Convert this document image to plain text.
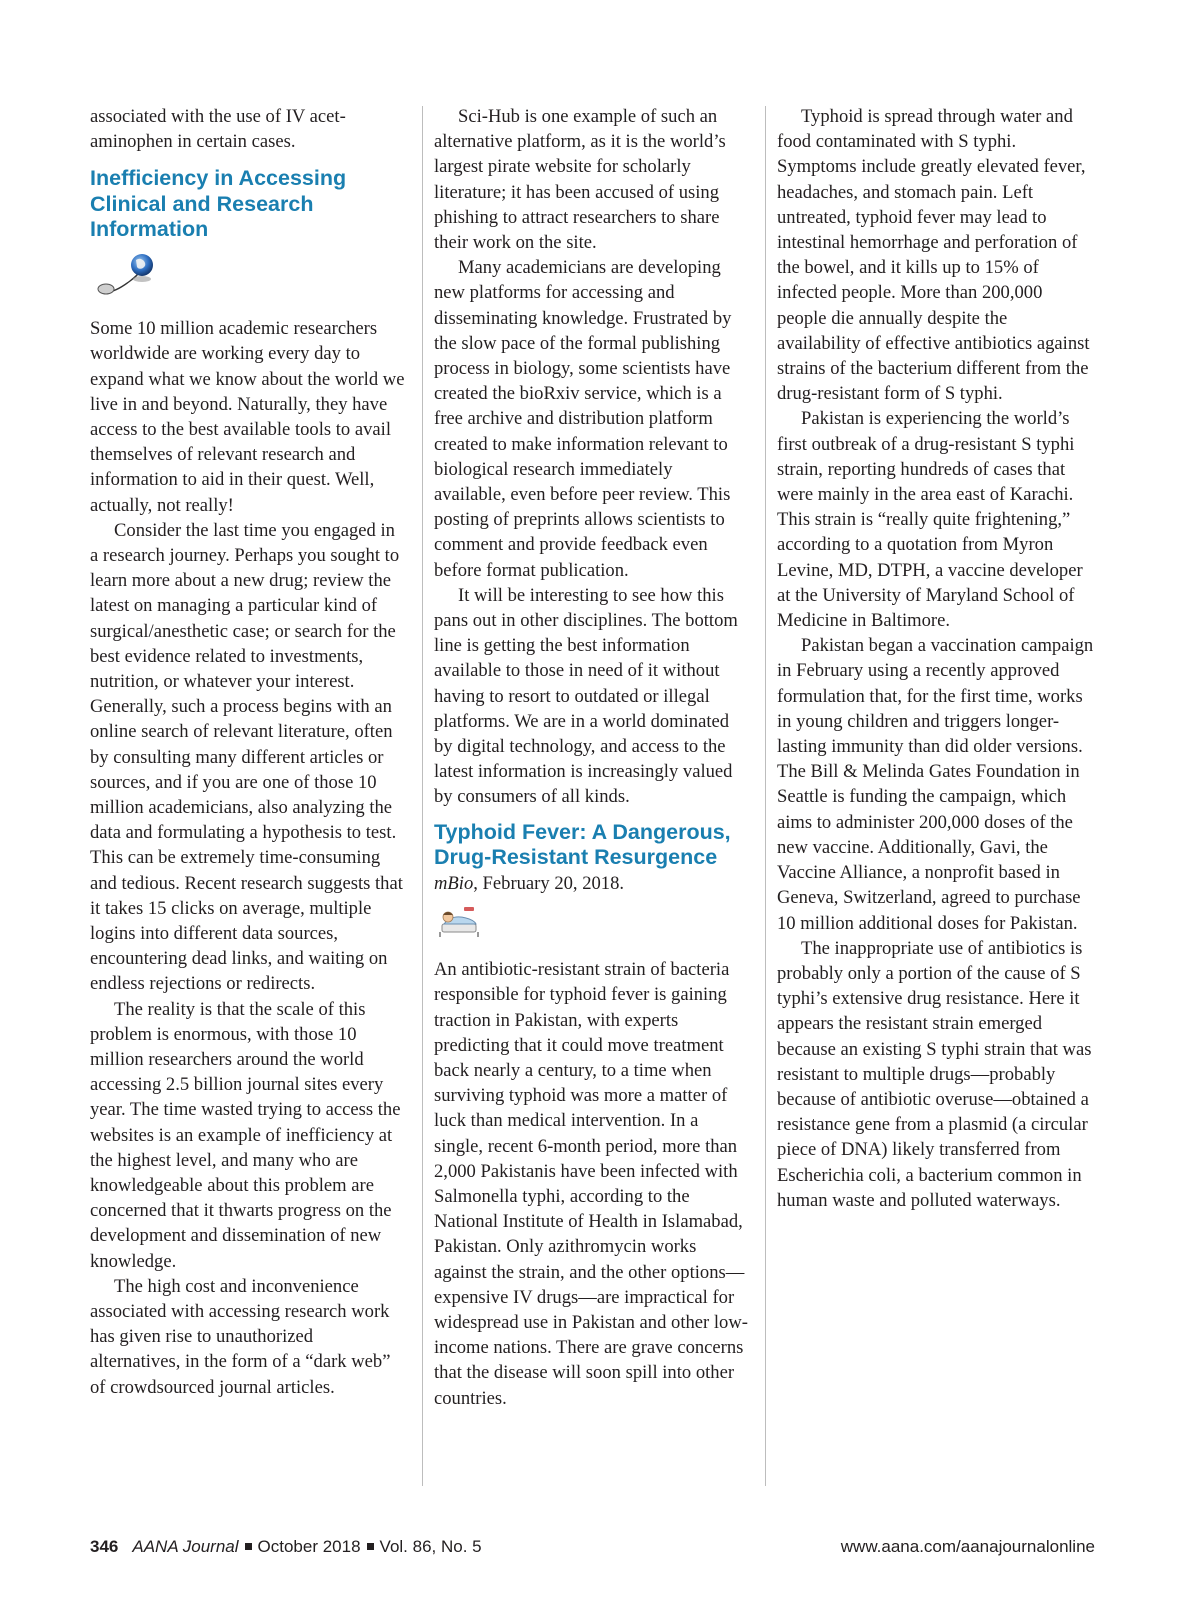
associated with the use of IV acetaminophen in certain cases.

Inefficiency in Accessing Clinical and Research Information

Some 10 million academic researchers worldwide are working every day to expand what we know about the world we live in and beyond. Naturally, they have access to the best available tools to avail themselves of relevant research and information to aid in their quest. Well, actually, not really!

Consider the last time you engaged in a research journey. Perhaps you sought to learn more about a new drug; review the latest on managing a particular kind of surgical/anesthetic case; or search for the best evidence related to investments, nutrition, or whatever your interest. Generally, such a process begins with an online search of relevant literature, often by consulting many different articles or sources, and if you are one of those 10 million academicians, also analyzing the data and formulating a hypothesis to test. This can be extremely time-consuming and tedious. Recent research suggests that it takes 15 clicks on average, multiple logins into different data sources, encountering dead links, and waiting on endless rejections or redirects.

The reality is that the scale of this problem is enormous, with those 10 million researchers around the world accessing 2.5 billion journal sites every year. The time wasted trying to access the websites is an example of inefficiency at the highest level, and many who are knowledgeable about this problem are concerned that it thwarts progress on the development and dissemination of new knowledge.

The high cost and inconvenience associated with accessing research work has given rise to unauthorized alternatives, in the form of a “dark web” of crowdsourced journal articles.

Sci-Hub is one example of such an alternative platform, as it is the world’s largest pirate website for scholarly literature; it has been accused of using phishing to attract researchers to share their work on the site.

Many academicians are developing new platforms for accessing and disseminating knowledge. Frustrated by the slow pace of the formal publishing process in biology, some scientists have created the bioRxiv service, which is a free archive and distribution platform created to make information relevant to biological research immediately available, even before peer review. This posting of preprints allows scientists to comment and provide feedback even before format publication.

It will be interesting to see how this pans out in other disciplines. The bottom line is getting the best information available to those in need of it without having to resort to outdated or illegal platforms. We are in a world dominated by digital technology, and access to the latest information is increasingly valued by consumers of all kinds.

Typhoid Fever: A Dangerous, Drug-Resistant Resurgence

mBio, February 20, 2018.

An antibiotic-resistant strain of bacteria responsible for typhoid fever is gaining traction in Pakistan, with experts predicting that it could move treatment back nearly a century, to a time when surviving typhoid was more a matter of luck than medical intervention. In a single, recent 6-month period, more than 2,000 Pakistanis have been infected with Salmonella typhi, according to the National Institute of Health in Islamabad, Pakistan. Only azithromycin works against the strain, and the other options—expensive IV drugs—are impractical for widespread use in Pakistan and other low-income nations. There are grave concerns that the disease will soon spill into other countries.

Typhoid is spread through water and food contaminated with S typhi. Symptoms include greatly elevated fever, headaches, and stomach pain. Left untreated, typhoid fever may lead to intestinal hemorrhage and perforation of the bowel, and it kills up to 15% of infected people. More than 200,000 people die annually despite the availability of effective antibiotics against strains of the bacterium different from the drug-resistant form of S typhi.

Pakistan is experiencing the world’s first outbreak of a drug-resistant S typhi strain, reporting hundreds of cases that were mainly in the area east of Karachi. This strain is “really quite frightening,” according to a quotation from Myron Levine, MD, DTPH, a vaccine developer at the University of Maryland School of Medicine in Baltimore.

Pakistan began a vaccination campaign in February using a recently approved formulation that, for the first time, works in young children and triggers longer-lasting immunity than did older versions. The Bill & Melinda Gates Foundation in Seattle is funding the campaign, which aims to administer 200,000 doses of the new vaccine. Additionally, Gavi, the Vaccine Alliance, a nonprofit based in Geneva, Switzerland, agreed to purchase 10 million additional doses for Pakistan.

The inappropriate use of antibiotics is probably only a portion of the cause of S typhi’s extensive drug resistance. Here it appears the resistant strain emerged because an existing S typhi strain that was resistant to multiple drugs—probably because of antibiotic overuse—obtained a resistance gene from a plasmid (a circular piece of DNA) likely transferred from Escherichia coli, a bacterium common in human waste and polluted waterways.

346 AANA Journal October 2018 Vol. 86, No. 5	www.aana.com/aanajournalonline
